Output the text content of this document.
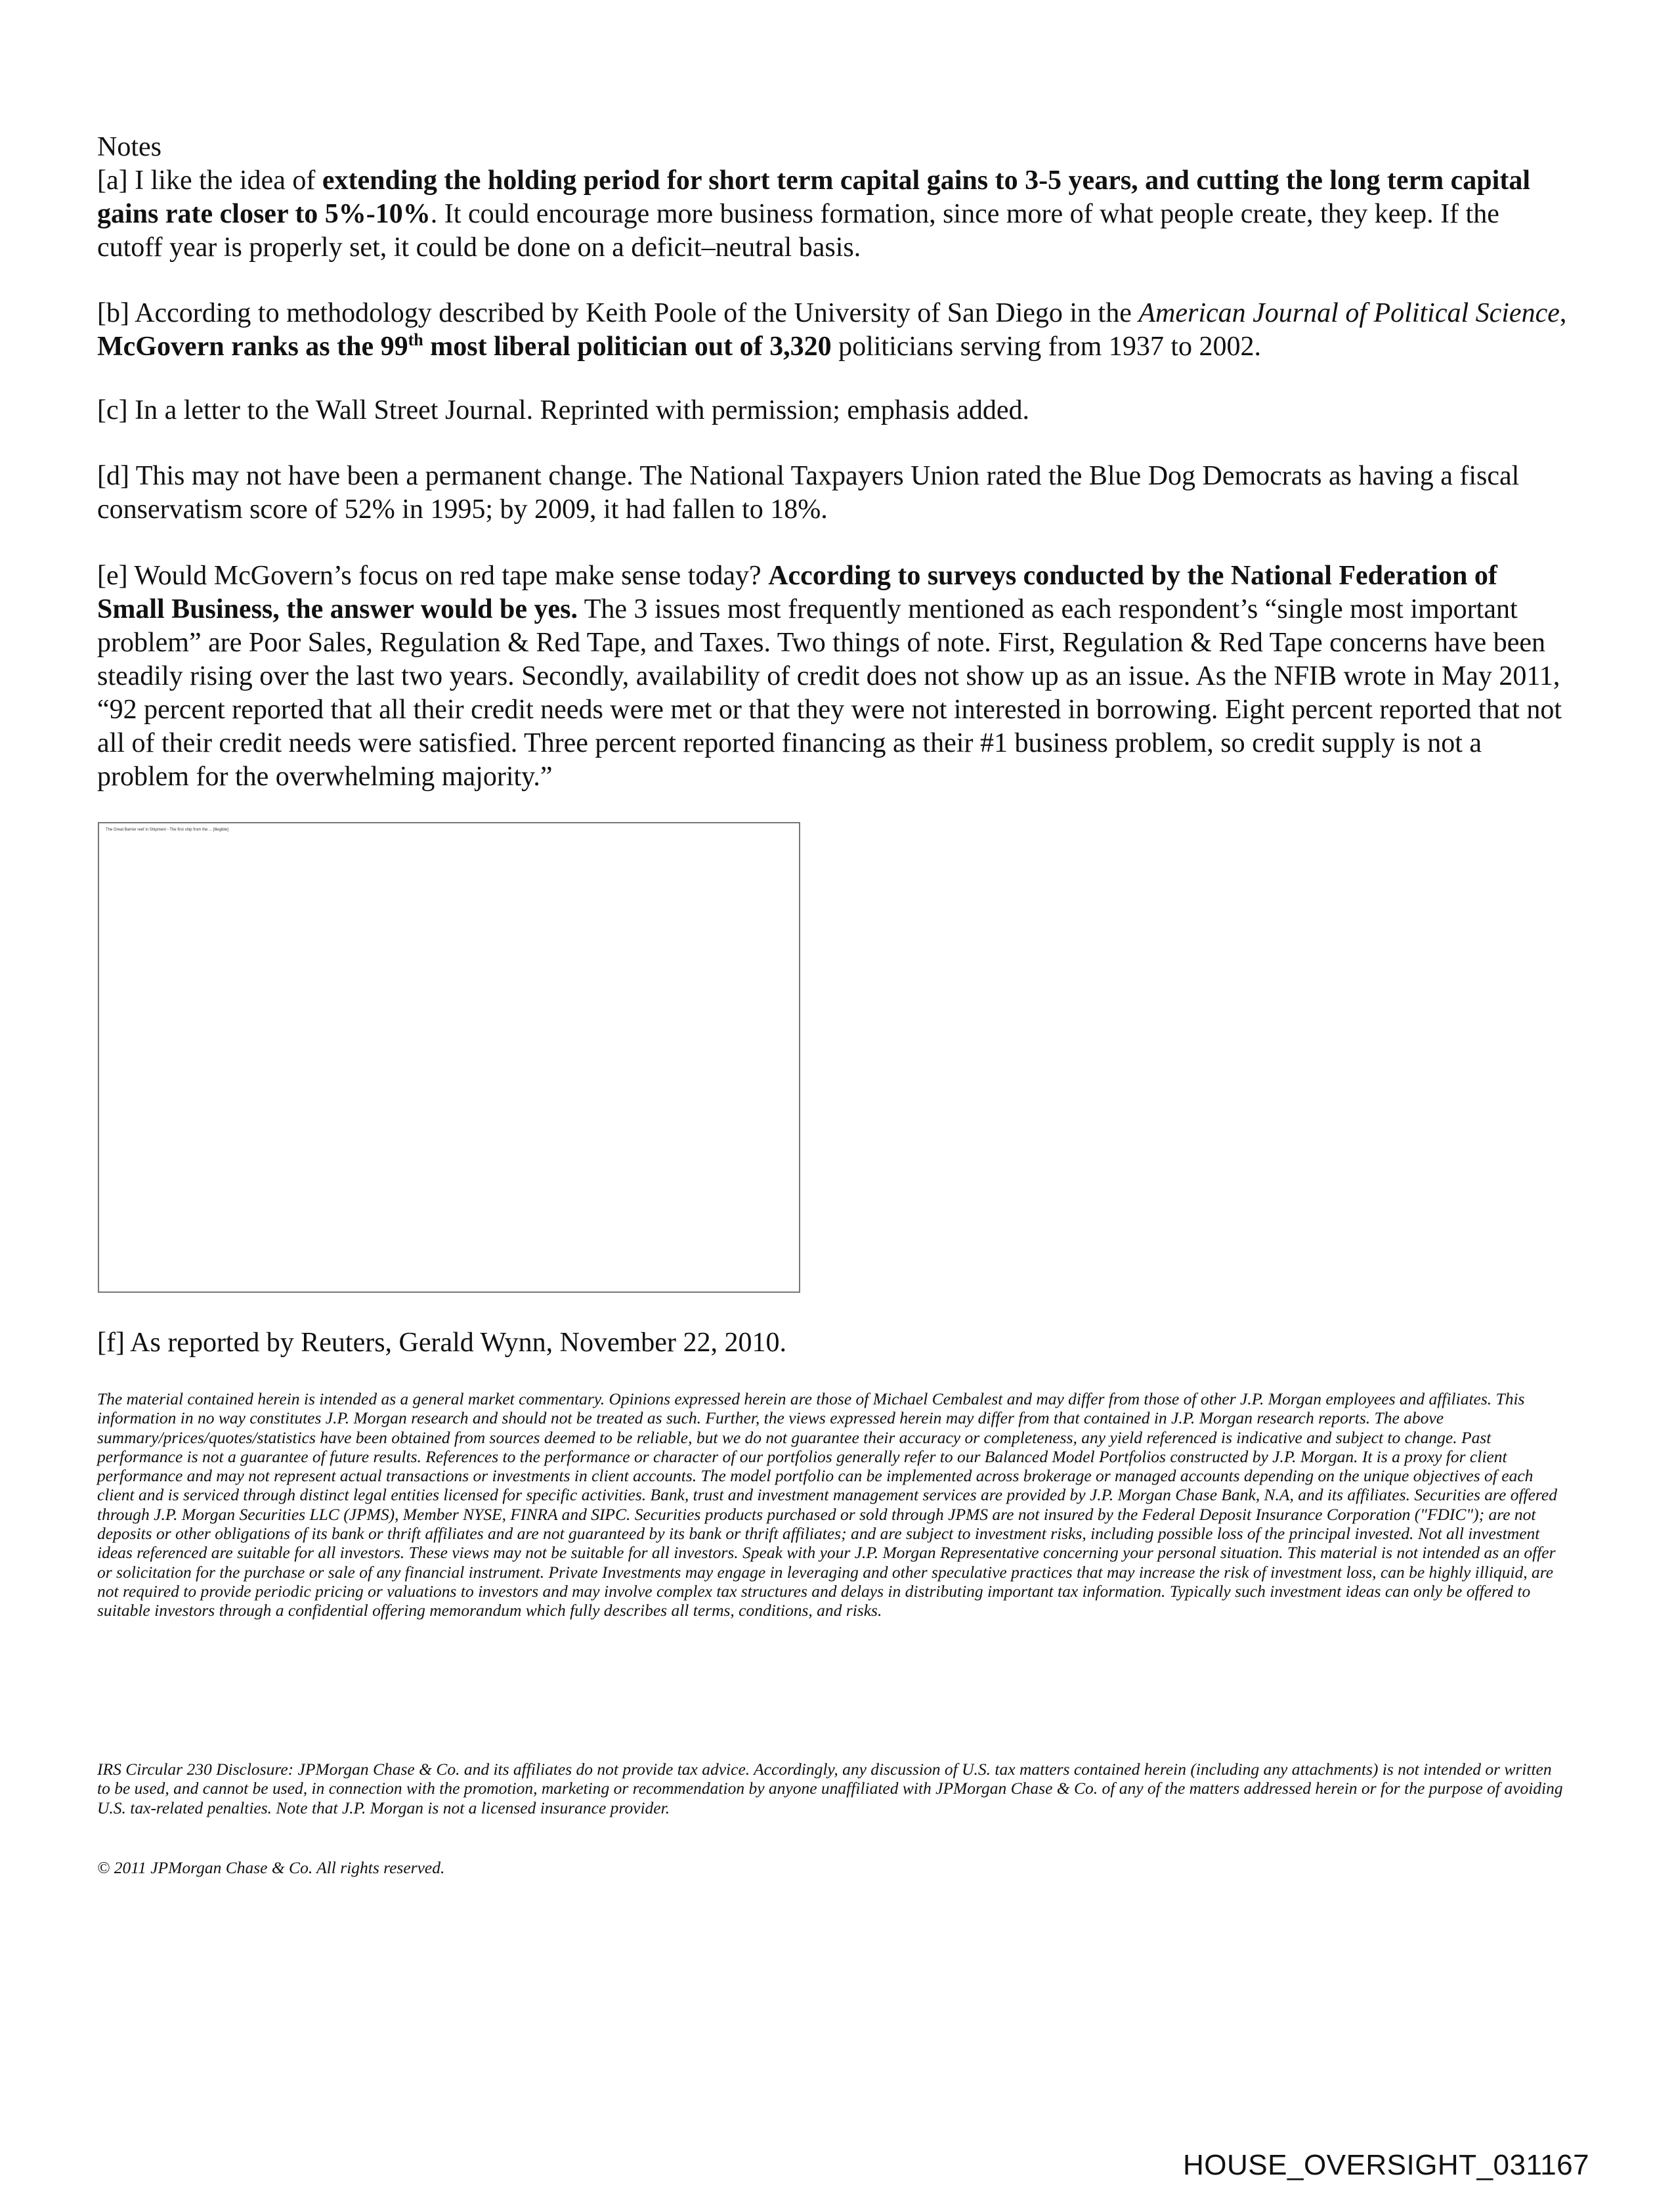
Notes
[a] I like the idea of extending the holding period for short term capital gains to 3-5 years, and cutting the long term capital gains rate closer to 5%-10%. It could encourage more business formation, since more of what people create, they keep. If the cutoff year is properly set, it could be done on a deficit–neutral basis.
[b] According to methodology described by Keith Poole of the University of San Diego in the American Journal of Political Science, McGovern ranks as the 99th most liberal politician out of 3,320 politicians serving from 1937 to 2002.
[c] In a letter to the Wall Street Journal. Reprinted with permission; emphasis added.
[d] This may not have been a permanent change. The National Taxpayers Union rated the Blue Dog Democrats as having a fiscal conservatism score of 52% in 1995; by 2009, it had fallen to 18%.
[e] Would McGovern’s focus on red tape make sense today? According to surveys conducted by the National Federation of Small Business, the answer would be yes. The 3 issues most frequently mentioned as each respondent’s “single most important problem” are Poor Sales, Regulation & Red Tape, and Taxes. Two things of note. First, Regulation & Red Tape concerns have been steadily rising over the last two years. Secondly, availability of credit does not show up as an issue. As the NFIB wrote in May 2011, “92 percent reported that all their credit needs were met or that they were not interested in borrowing. Eight percent reported that not all of their credit needs were satisfied. Three percent reported financing as their #1 business problem, so credit supply is not a problem for the overwhelming majority.”
The Great Barrier reef in Shipment - The first ship from the ... [illegible]
[f] As reported by Reuters, Gerald Wynn, November 22, 2010.
The material contained herein is intended as a general market commentary. Opinions expressed herein are those of Michael Cembalest and may differ from those of other J.P. Morgan employees and affiliates. This information in no way constitutes J.P. Morgan research and should not be treated as such. Further, the views expressed herein may differ from that contained in J.P. Morgan research reports. The above summary/prices/quotes/statistics have been obtained from sources deemed to be reliable, but we do not guarantee their accuracy or completeness, any yield referenced is indicative and subject to change. Past performance is not a guarantee of future results. References to the performance or character of our portfolios generally refer to our Balanced Model Portfolios constructed by J.P. Morgan. It is a proxy for client performance and may not represent actual transactions or investments in client accounts. The model portfolio can be implemented across brokerage or managed accounts depending on the unique objectives of each client and is serviced through distinct legal entities licensed for specific activities. Bank, trust and investment management services are provided by J.P. Morgan Chase Bank, N.A, and its affiliates. Securities are offered through J.P. Morgan Securities LLC (JPMS), Member NYSE, FINRA and SIPC. Securities products purchased or sold through JPMS are not insured by the Federal Deposit Insurance Corporation ("FDIC"); are not deposits or other obligations of its bank or thrift affiliates and are not guaranteed by its bank or thrift affiliates; and are subject to investment risks, including possible loss of the principal invested. Not all investment ideas referenced are suitable for all investors. These views may not be suitable for all investors. Speak with your J.P. Morgan Representative concerning your personal situation. This material is not intended as an offer or solicitation for the purchase or sale of any financial instrument. Private Investments may engage in leveraging and other speculative practices that may increase the risk of investment loss, can be highly illiquid, are not required to provide periodic pricing or valuations to investors and may involve complex tax structures and delays in distributing important tax information. Typically such investment ideas can only be offered to suitable investors through a confidential offering memorandum which fully describes all terms, conditions, and risks.
IRS Circular 230 Disclosure: JPMorgan Chase & Co. and its affiliates do not provide tax advice. Accordingly, any discussion of U.S. tax matters contained herein (including any attachments) is not intended or written to be used, and cannot be used, in connection with the promotion, marketing or recommendation by anyone unaffiliated with JPMorgan Chase & Co. of any of the matters addressed herein or for the purpose of avoiding U.S. tax-related penalties. Note that J.P. Morgan is not a licensed insurance provider.
© 2011 JPMorgan Chase & Co. All rights reserved.
HOUSE_OVERSIGHT_031167
